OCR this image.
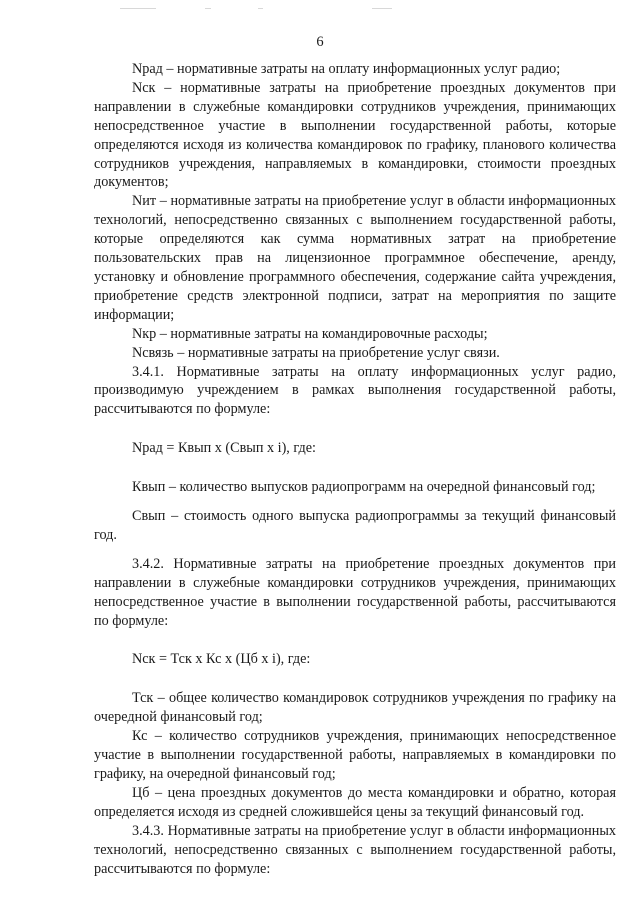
6

Nрад – нормативные затраты на оплату информационных услуг радио;

Nск – нормативные затраты на приобретение проездных документов при направлении в служебные командировки сотрудников учреждения, принимающих непосредственное участие в выполнении государственной работы, которые определяются исходя из количества командировок по графику, планового количества сотрудников учреждения, направляемых в командировки, стоимости проездных документов;

Nит – нормативные затраты на приобретение услуг в области информационных технологий, непосредственно связанных с выполнением государственной работы, которые определяются как сумма нормативных затрат на приобретение пользовательских прав на лицензионное программное обеспечение, аренду, установку и обновление программного обеспечения, содержание сайта учреждения, приобретение средств электронной подписи, затрат на мероприятия по защите информации;

Nкр – нормативные затраты на командировочные расходы;

Nсвязь – нормативные затраты на приобретение услуг связи.

3.4.1. Нормативные затраты на оплату информационных услуг радио, производимую учреждением в рамках выполнения государственной работы, рассчитываются по формуле:

Nрад = Квып х (Свып х i), где:

Квып – количество выпусков радиопрограмм на очередной финансовый год;

Свып – стоимость одного выпуска радиопрограммы за текущий финансовый год.

3.4.2. Нормативные затраты на приобретение проездных документов при направлении в служебные командировки сотрудников учреждения, принимающих непосредственное участие в выполнении государственной работы, рассчитываются по формуле:

Nск = Тск х Кс х (Цб х i), где:

Тск – общее количество командировок сотрудников учреждения по графику на очередной финансовый год;

Кс – количество сотрудников учреждения, принимающих непосредственное участие в выполнении государственной работы, направляемых в командировки по графику, на очередной финансовый год;

Цб – цена проездных документов до места командировки и обратно, которая определяется исходя из средней сложившейся цены за текущий финансовый год.

3.4.3. Нормативные затраты на приобретение услуг в области информационных технологий, непосредственно связанных с выполнением государственной работы, рассчитываются по формуле:
